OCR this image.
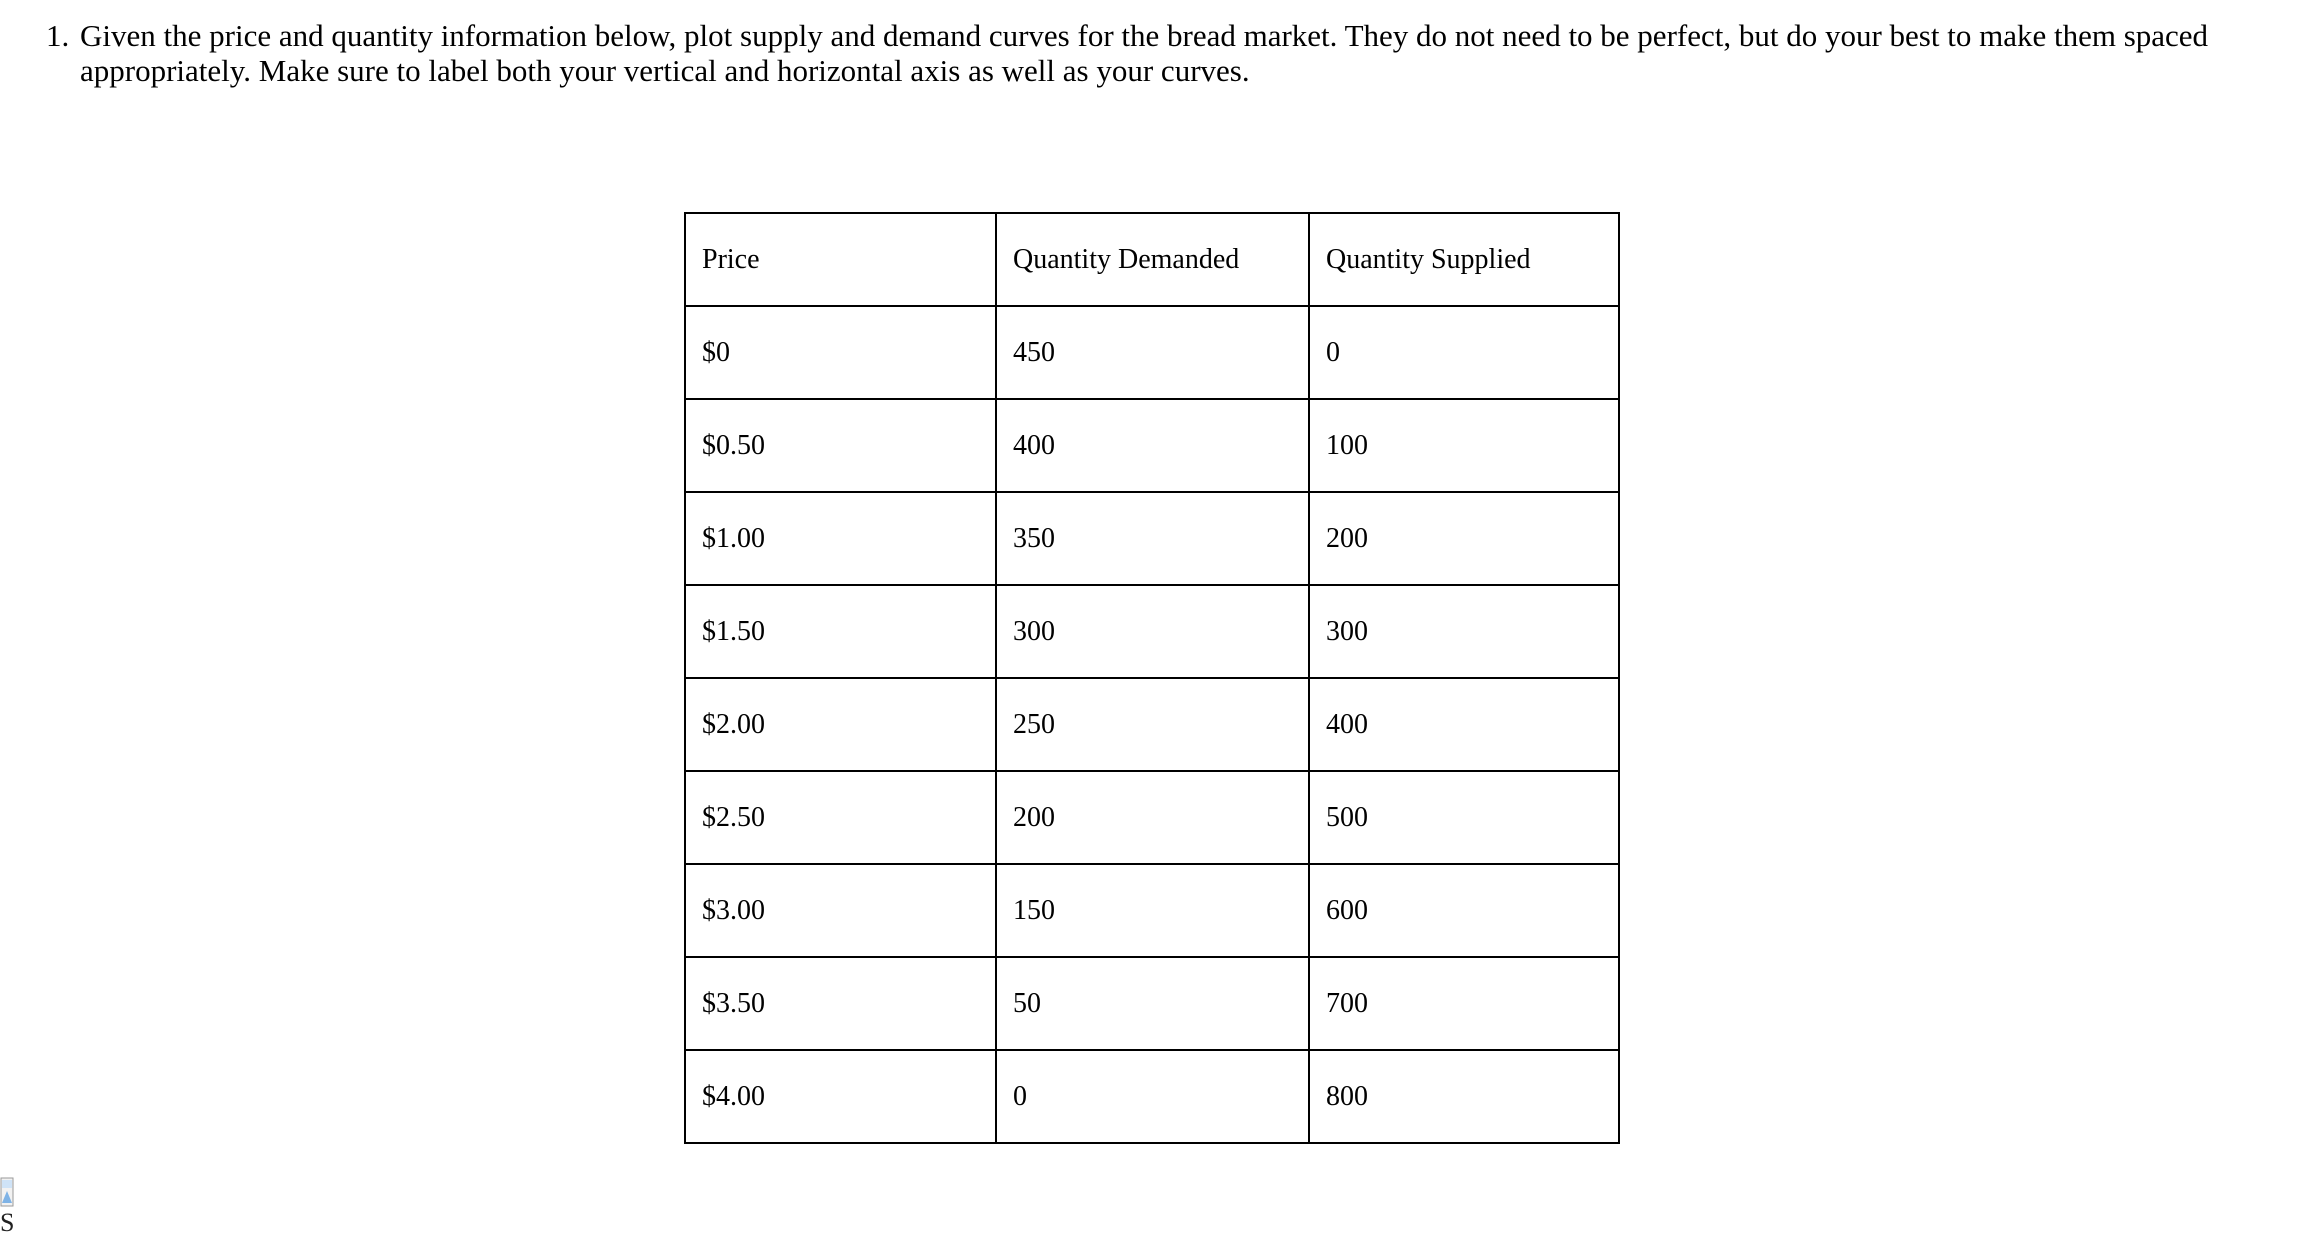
1. Given the price and quantity information below, plot supply and demand curves for the bread market. They do not need to be perfect, but do your best to make them spaced appropriately. Make sure to label both your vertical and horizontal axis as well as your curves.
Price	Quantity Demanded	Quantity Supplied
$0	450	0
$0.50	400	100
$1.00	350	200
$1.50	300	300
$2.00	250	400
$2.50	200	500
$3.00	150	600
$3.50	50	700
$4.00	0	800
S
